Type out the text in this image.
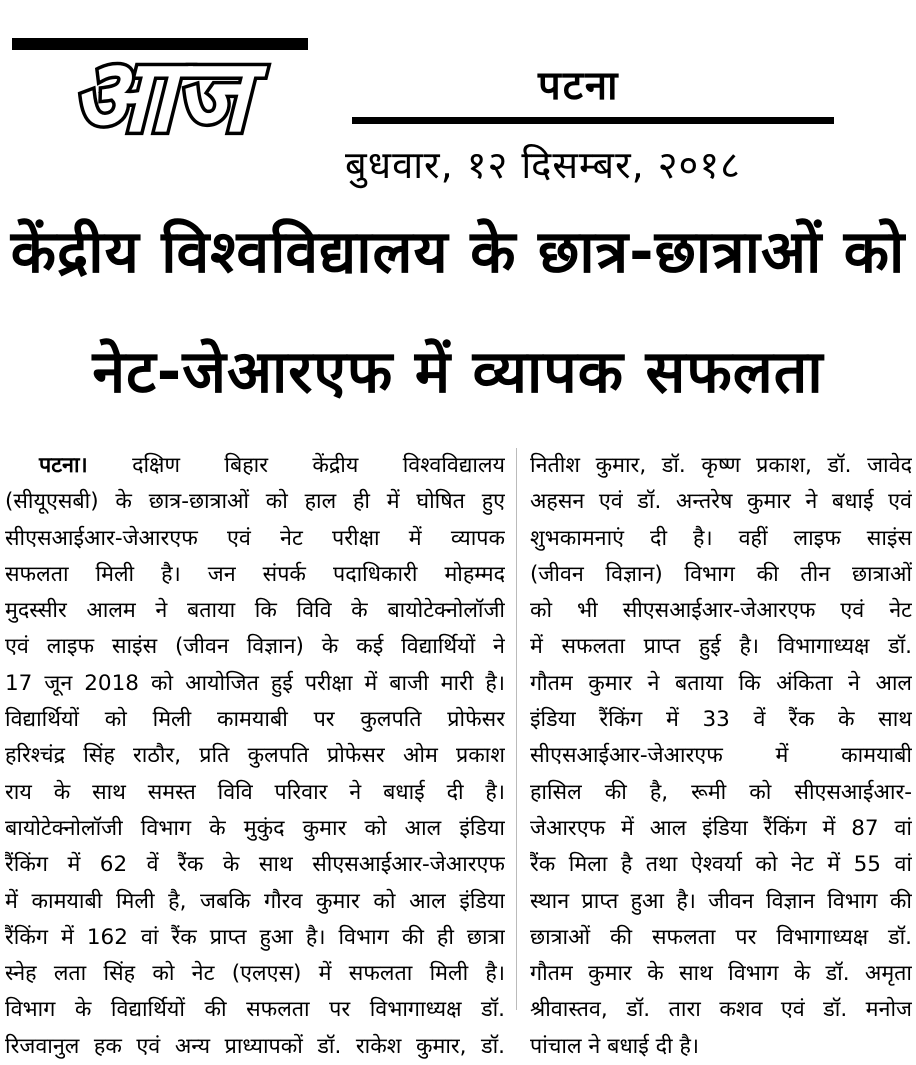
आज	पटना
बुधवार, १२ दिसम्बर, २०१८
केंद्रीय विश्वविद्यालय के छात्र-छात्राओं को
नेट-जेआरएफ में व्यापक सफलता
पटना। दक्षिण बिहार केंद्रीय विश्वविद्यालय
(सीयूएसबी) के छात्र-छात्राओं को हाल ही में घोषित हुए
सीएसआईआर-जेआरएफ एवं नेट परीक्षा में व्यापक
सफलता मिली है। जन संपर्क पदाधिकारी मोहम्मद
मुदस्सीर आलम ने बताया कि विवि के बायोटेक्नोलॉजी
एवं लाइफ साइंस (जीवन विज्ञान) के कई विद्यार्थियों ने
17 जून 2018 को आयोजित हुई परीक्षा में बाजी मारी है।
विद्यार्थियों को मिली कामयाबी पर कुलपति प्रोफेसर
हरिश्चंद्र सिंह राठौर, प्रति कुलपति प्रोफेसर ओम प्रकाश
राय के साथ समस्त विवि परिवार ने बधाई दी है।
बायोटेक्नोलॉजी विभाग के मुकुंद कुमार को आल इंडिया
रैंकिंग में 62 वें रैंक के साथ सीएसआईआर-जेआरएफ
में कामयाबी मिली है, जबकि गौरव कुमार को आल इंडिया
रैंकिंग में 162 वां रैंक प्राप्त हुआ है। विभाग की ही छात्रा
स्नेह लता सिंह को नेट (एलएस) में सफलता मिली है।
विभाग के विद्यार्थियों की सफलता पर विभागाध्यक्ष डॉ.
रिजवानुल हक एवं अन्य प्राध्यापकों डॉ. राकेश कुमार, डॉ.
नितीश कुमार, डॉ. कृष्ण प्रकाश, डॉ. जावेद
अहसन एवं डॉ. अन्तरेष कुमार ने बधाई एवं
शुभकामनाएं दी है। वहीं लाइफ साइंस
(जीवन विज्ञान) विभाग की तीन छात्राओं
को भी सीएसआईआर-जेआरएफ एवं नेट
में सफलता प्राप्त हुई है। विभागाध्यक्ष डॉ.
गौतम कुमार ने बताया कि अंकिता ने आल
इंडिया रैंकिंग में 33 वें रैंक के साथ
सीएसआईआर-जेआरएफ में कामयाबी
हासिल की है, रूमी को सीएसआईआर-
जेआरएफ में आल इंडिया रैंकिंग में 87 वां
रैंक मिला है तथा ऐश्वर्या को नेट में 55 वां
स्थान प्राप्त हुआ है। जीवन विज्ञान विभाग की
छात्राओं की सफलता पर विभागाध्यक्ष डॉ.
गौतम कुमार के साथ विभाग के डॉ. अमृता
श्रीवास्तव, डॉ. तारा कशव एवं डॉ. मनोज
पांचाल ने बधाई दी है।
